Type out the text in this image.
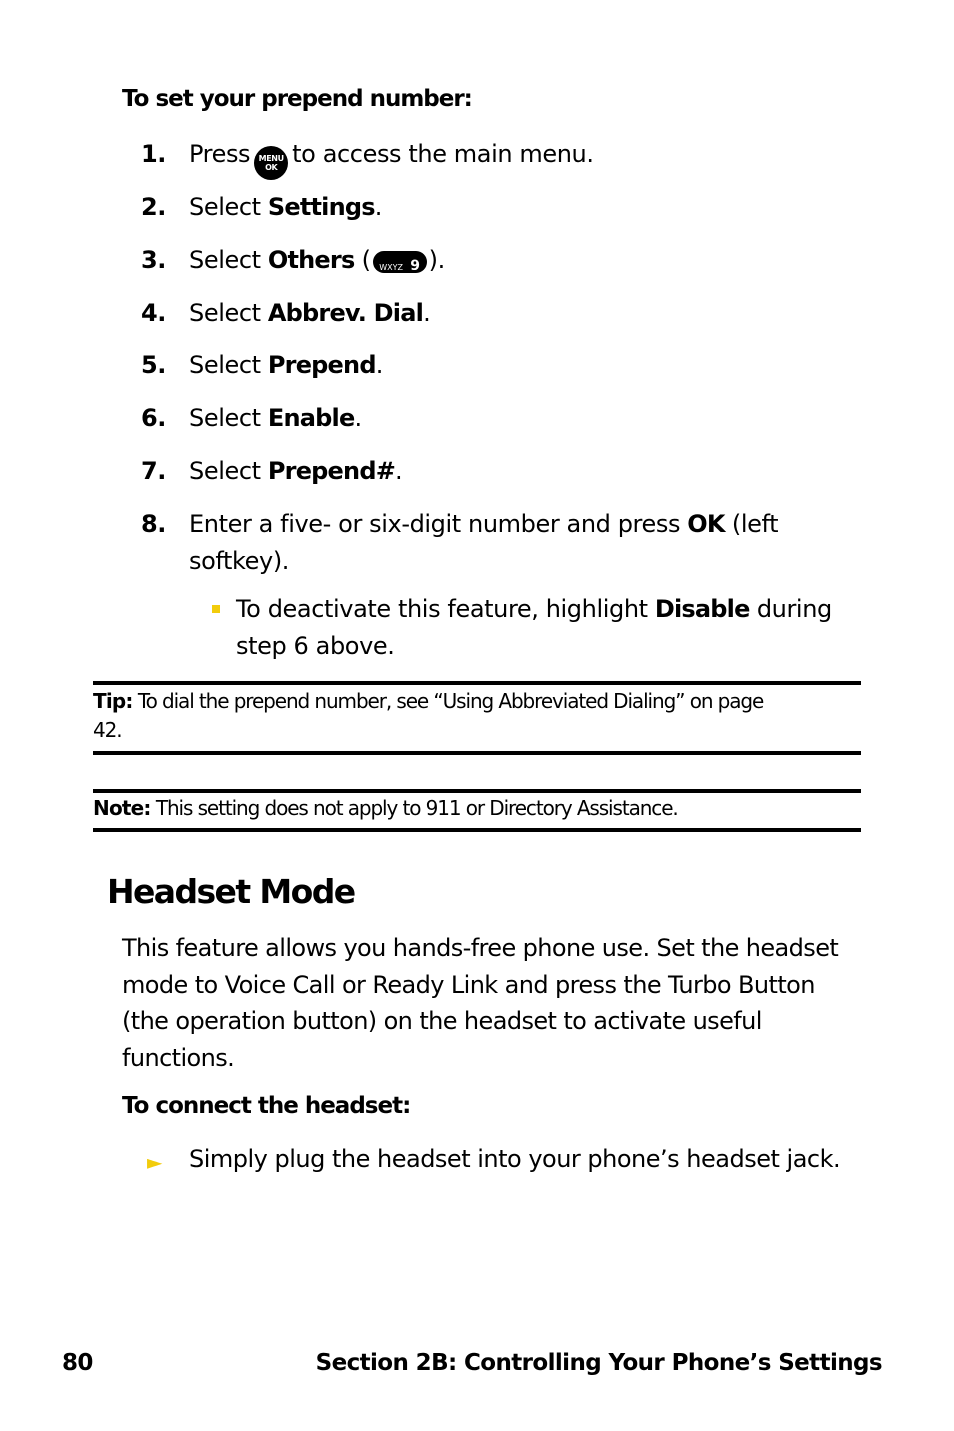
To set your prepend number:
1. Press MENU
OK to access the main menu.
2. Select Settings.
3. Select Others ( WXYZ 9 ).
4. Select Abbrev. Dial.
5. Select Prepend.
6. Select Enable.
7. Select Prepend#.
8. Enter a five- or six-digit number and press OK (left softkey).
To deactivate this feature, highlight Disable during step 6 above.
Tip: To dial the prepend number, see “Using Abbreviated Dialing” on page 42.
Note: This setting does not apply to 911 or Directory Assistance.
Headset Mode
This feature allows you hands-free phone use. Set the headset mode to Voice Call or Ready Link and press the Turbo Button (the operation button) on the headset to activate useful functions.
To connect the headset:
► Simply plug the headset into your phone’s headset jack.
80	Section 2B: Controlling Your Phone’s Settings
